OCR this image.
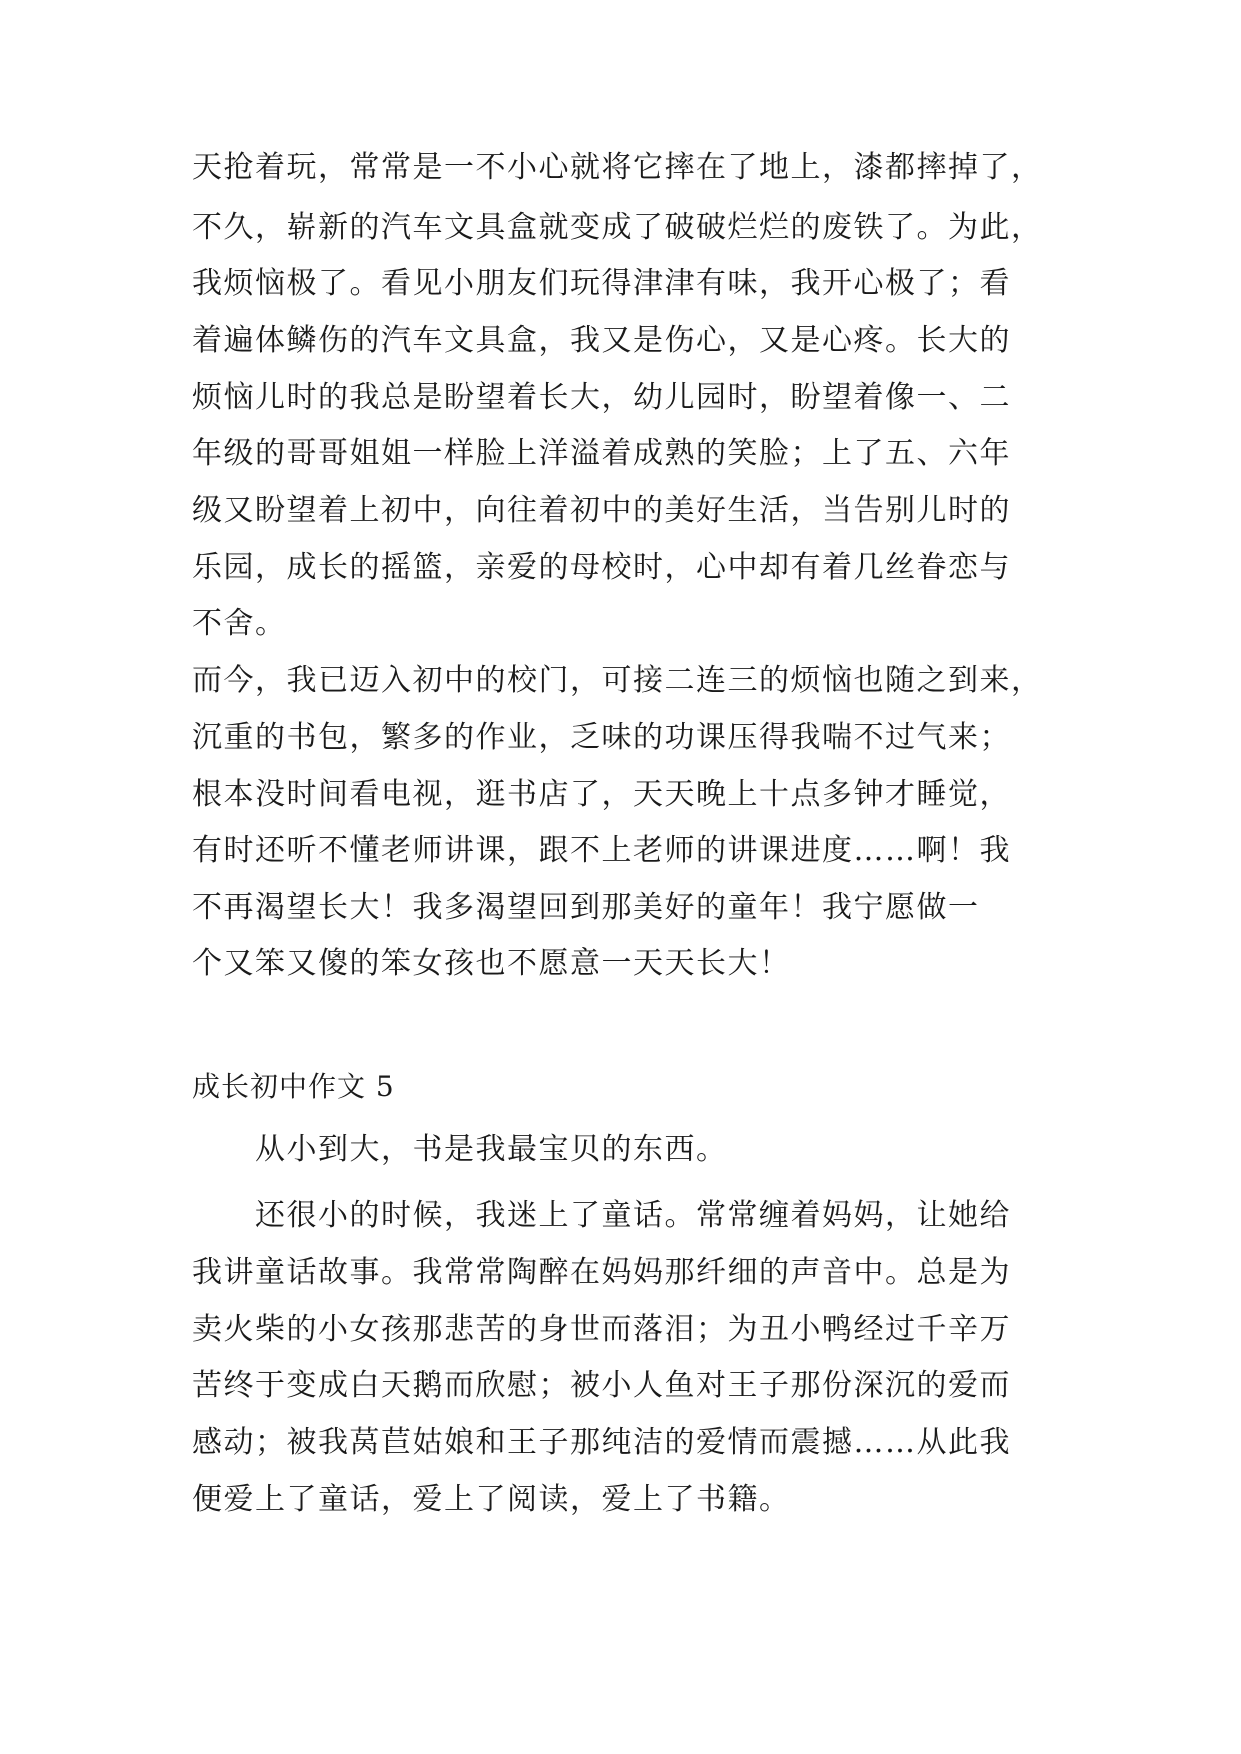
天抢着玩，常常是一不小心就将它摔在了地上，漆都摔掉了，

不久，崭新的汽车文具盒就变成了破破烂烂的废铁了。为此，

我烦恼极了。看见小朋友们玩得津津有味，我开心极了；看

着遍体鳞伤的汽车文具盒，我又是伤心，又是心疼。长大的

烦恼儿时的我总是盼望着长大，幼儿园时，盼望着像一、二

年级的哥哥姐姐一样脸上洋溢着成熟的笑脸；上了五、六年

级又盼望着上初中，向往着初中的美好生活，当告别儿时的

乐园，成长的摇篮，亲爱的母校时，心中却有着几丝眷恋与

不舍。

而今，我已迈入初中的校门，可接二连三的烦恼也随之到来，

沉重的书包，繁多的作业，乏味的功课压得我喘不过气来；

根本没时间看电视，逛书店了，天天晚上十点多钟才睡觉，

有时还听不懂老师讲课，跟不上老师的讲课进度……啊！我

不再渴望长大！我多渴望回到那美好的童年！我宁愿做一

个又笨又傻的笨女孩也不愿意一天天长大！

成长初中作文 5

从小到大，书是我最宝贝的东西。

还很小的时候，我迷上了童话。常常缠着妈妈，让她给

我讲童话故事。我常常陶醉在妈妈那纤细的声音中。总是为

卖火柴的小女孩那悲苦的身世而落泪；为丑小鸭经过千辛万

苦终于变成白天鹅而欣慰；被小人鱼对王子那份深沉的爱而

感动；被我莴苣姑娘和王子那纯洁的爱情而震撼……从此我

便爱上了童话，爱上了阅读，爱上了书籍。
